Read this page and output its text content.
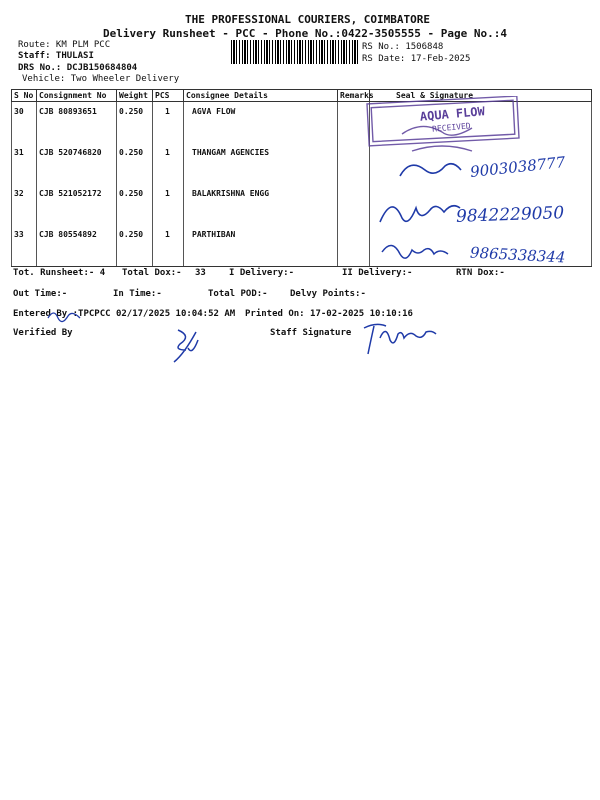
THE PROFESSIONAL COURIERS, COIMBATORE
Delivery Runsheet - PCC - Phone No.:0422-3505555 - Page No.:4
Route: KM PLM PCC
Staff: THULASI
DRS No.: DCJB150684804
Vehicle: Two Wheeler Delivery
RS No.: 1506848
RS Date: 17-Feb-2025
S No	Consignment No	Weight	PCS	Consignee Details	Remarks	Seal & Signature
30	CJB 80893651	0.250	1	AGVA FLOW		
31	CJB 520746820	0.250	1	THANGAM AGENCIES		
32	CJB 521052172	0.250	1	BALAKRISHNA ENGG		
33	CJB 80554892	0.250	1	PARTHIBAN		
AQUA FLOW
RECEIVED
9003038777
9842229050
9865338344
Tot. Runsheet:- 4 Total Dox:- 33	I Delivery:-	II Delivery:-	RTN Dox:-
Out Time:-	In Time:-	Total POD:- Delvy Points:-
Entered By :TPCPCC 02/17/2025 10:04:52 AM Printed On: 17-02-2025 10:10:16
Verified By	Staff Signature
